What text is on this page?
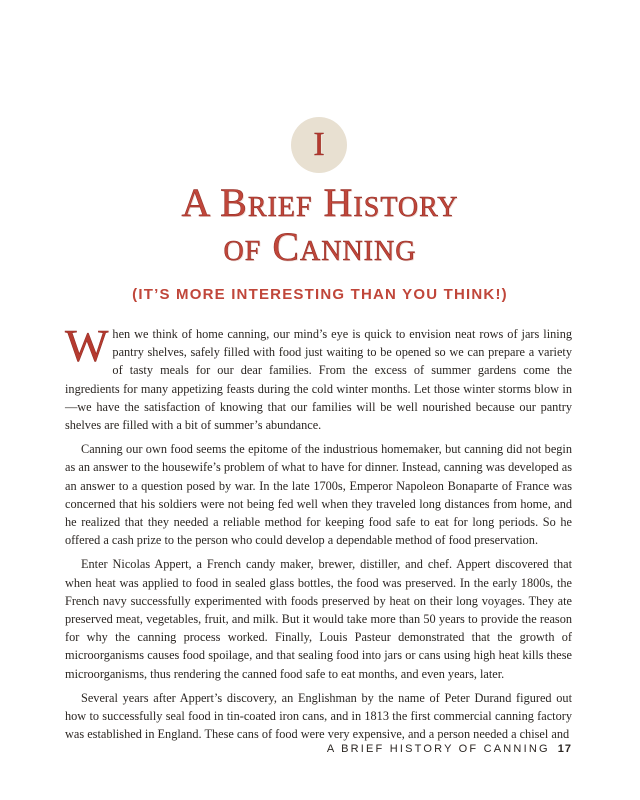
I
A Brief History
of Canning
(IT’S MORE INTERESTING THAN YOU THINK!)

When we think of home canning, our mind’s eye is quick to envision neat rows of jars lining pantry shelves, safely filled with food just waiting to be opened so we can prepare a variety of tasty meals for our dear families. From the excess of summer gardens come the ingredients for many appetizing feasts during the cold winter months. Let those winter storms blow in—we have the satisfaction of knowing that our families will be well nourished because our pantry shelves are filled with a bit of summer’s abundance.

Canning our own food seems the epitome of the industrious homemaker, but canning did not begin as an answer to the housewife’s problem of what to have for dinner. Instead, canning was developed as an answer to a question posed by war. In the late 1700s, Emperor Napoleon Bonaparte of France was concerned that his soldiers were not being fed well when they traveled long distances from home, and he realized that they needed a reliable method for keeping food safe to eat for long periods. So he offered a cash prize to the person who could develop a dependable method of food preservation.

Enter Nicolas Appert, a French candy maker, brewer, distiller, and chef. Appert discovered that when heat was applied to food in sealed glass bottles, the food was preserved. In the early 1800s, the French navy successfully experimented with foods preserved by heat on their long voyages. They ate preserved meat, vegetables, fruit, and milk. But it would take more than 50 years to provide the reason for why the canning process worked. Finally, Louis Pasteur demonstrated that the growth of microorganisms causes food spoilage, and that sealing food into jars or cans using high heat kills these microorganisms, thus rendering the canned food safe to eat months, and even years, later.

Several years after Appert’s discovery, an Englishman by the name of Peter Durand figured out how to successfully seal food in tin-coated iron cans, and in 1813 the first commercial canning factory was established in England. These cans of food were very expensive, and a person needed a chisel and

A BRIEF HISTORY OF CANNING 17
